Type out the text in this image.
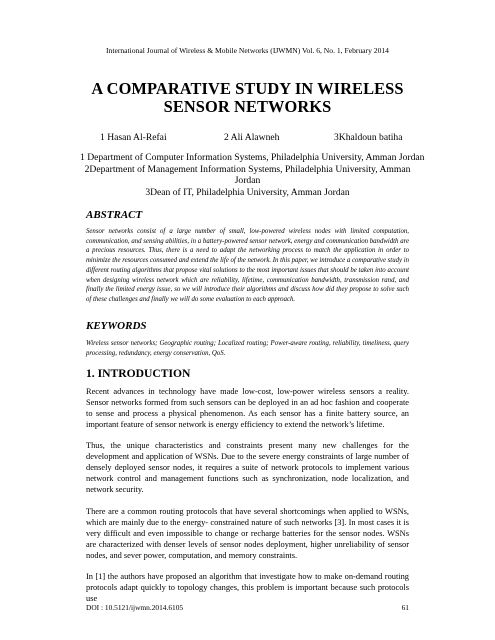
International Journal of Wireless & Mobile Networks (IJWMN) Vol. 6, No. 1, February 2014
A COMPARATIVE STUDY IN WIRELESS
SENSOR NETWORKS
1 Hasan Al-Refai	2 Ali Alawneh	3Khaldoun batiha
1 Department of Computer Information Systems, Philadelphia University, Amman Jordan
2Department of Management Information Systems, Philadelphia University, Amman
Jordan
3Dean of IT, Philadelphia University, Amman Jordan
ABSTRACT
Sensor networks consist of a large number of small, low-powered wireless nodes with limited computation, communication, and sensing abilities, in a battery-powered sensor network, energy and communication bandwidth are a precious resources. Thus, there is a need to adapt the networking process to match the application in order to minimize the resources consumed and extend the life of the network. In this paper, we introduce a comparative study in different routing algorithms that propose vital solutions to the most important issues that should be taken into account when designing wireless network which are reliability, lifetime, communication bandwidth, transmission rand, and finally the limited energy issue, so we will introduce their algorithms and discuss how did they propose to solve such of these challenges and finally we will do some evaluation to each approach.
KEYWORDS
Wireless sensor networks; Geographic routing; Localized routing; Power-aware routing, reliability, timeliness, query processing, redundancy, energy conservation, QoS.
1. INTRODUCTION
Recent advances in technology have made low-cost, low-power wireless sensors a reality. Sensor networks formed from such sensors can be deployed in an ad hoc fashion and cooperate to sense and process a physical phenomenon. As each sensor has a finite battery source, an important feature of sensor network is energy efficiency to extend the network’s lifetime.
Thus, the unique characteristics and constraints present many new challenges for the development and application of WSNs. Due to the severe energy constraints of large number of densely deployed sensor nodes, it requires a suite of network protocols to implement various network control and management functions such as synchronization, node localization, and network security.
There are a common routing protocols that have several shortcomings when applied to WSNs, which are mainly due to the energy- constrained nature of such networks [3]. In most cases it is very difficult and even impossible to change or recharge batteries for the sensor nodes. WSNs are characterized with denser levels of sensor nodes deployment, higher unreliability of sensor nodes, and sever power, computation, and memory constraints.
In [1] the authors have proposed an algorithm that investigate how to make on-demand routing protocols adapt quickly to topology changes, this problem is important because such protocols use
DOI : 10.5121/ijwmn.2014.6105	61
